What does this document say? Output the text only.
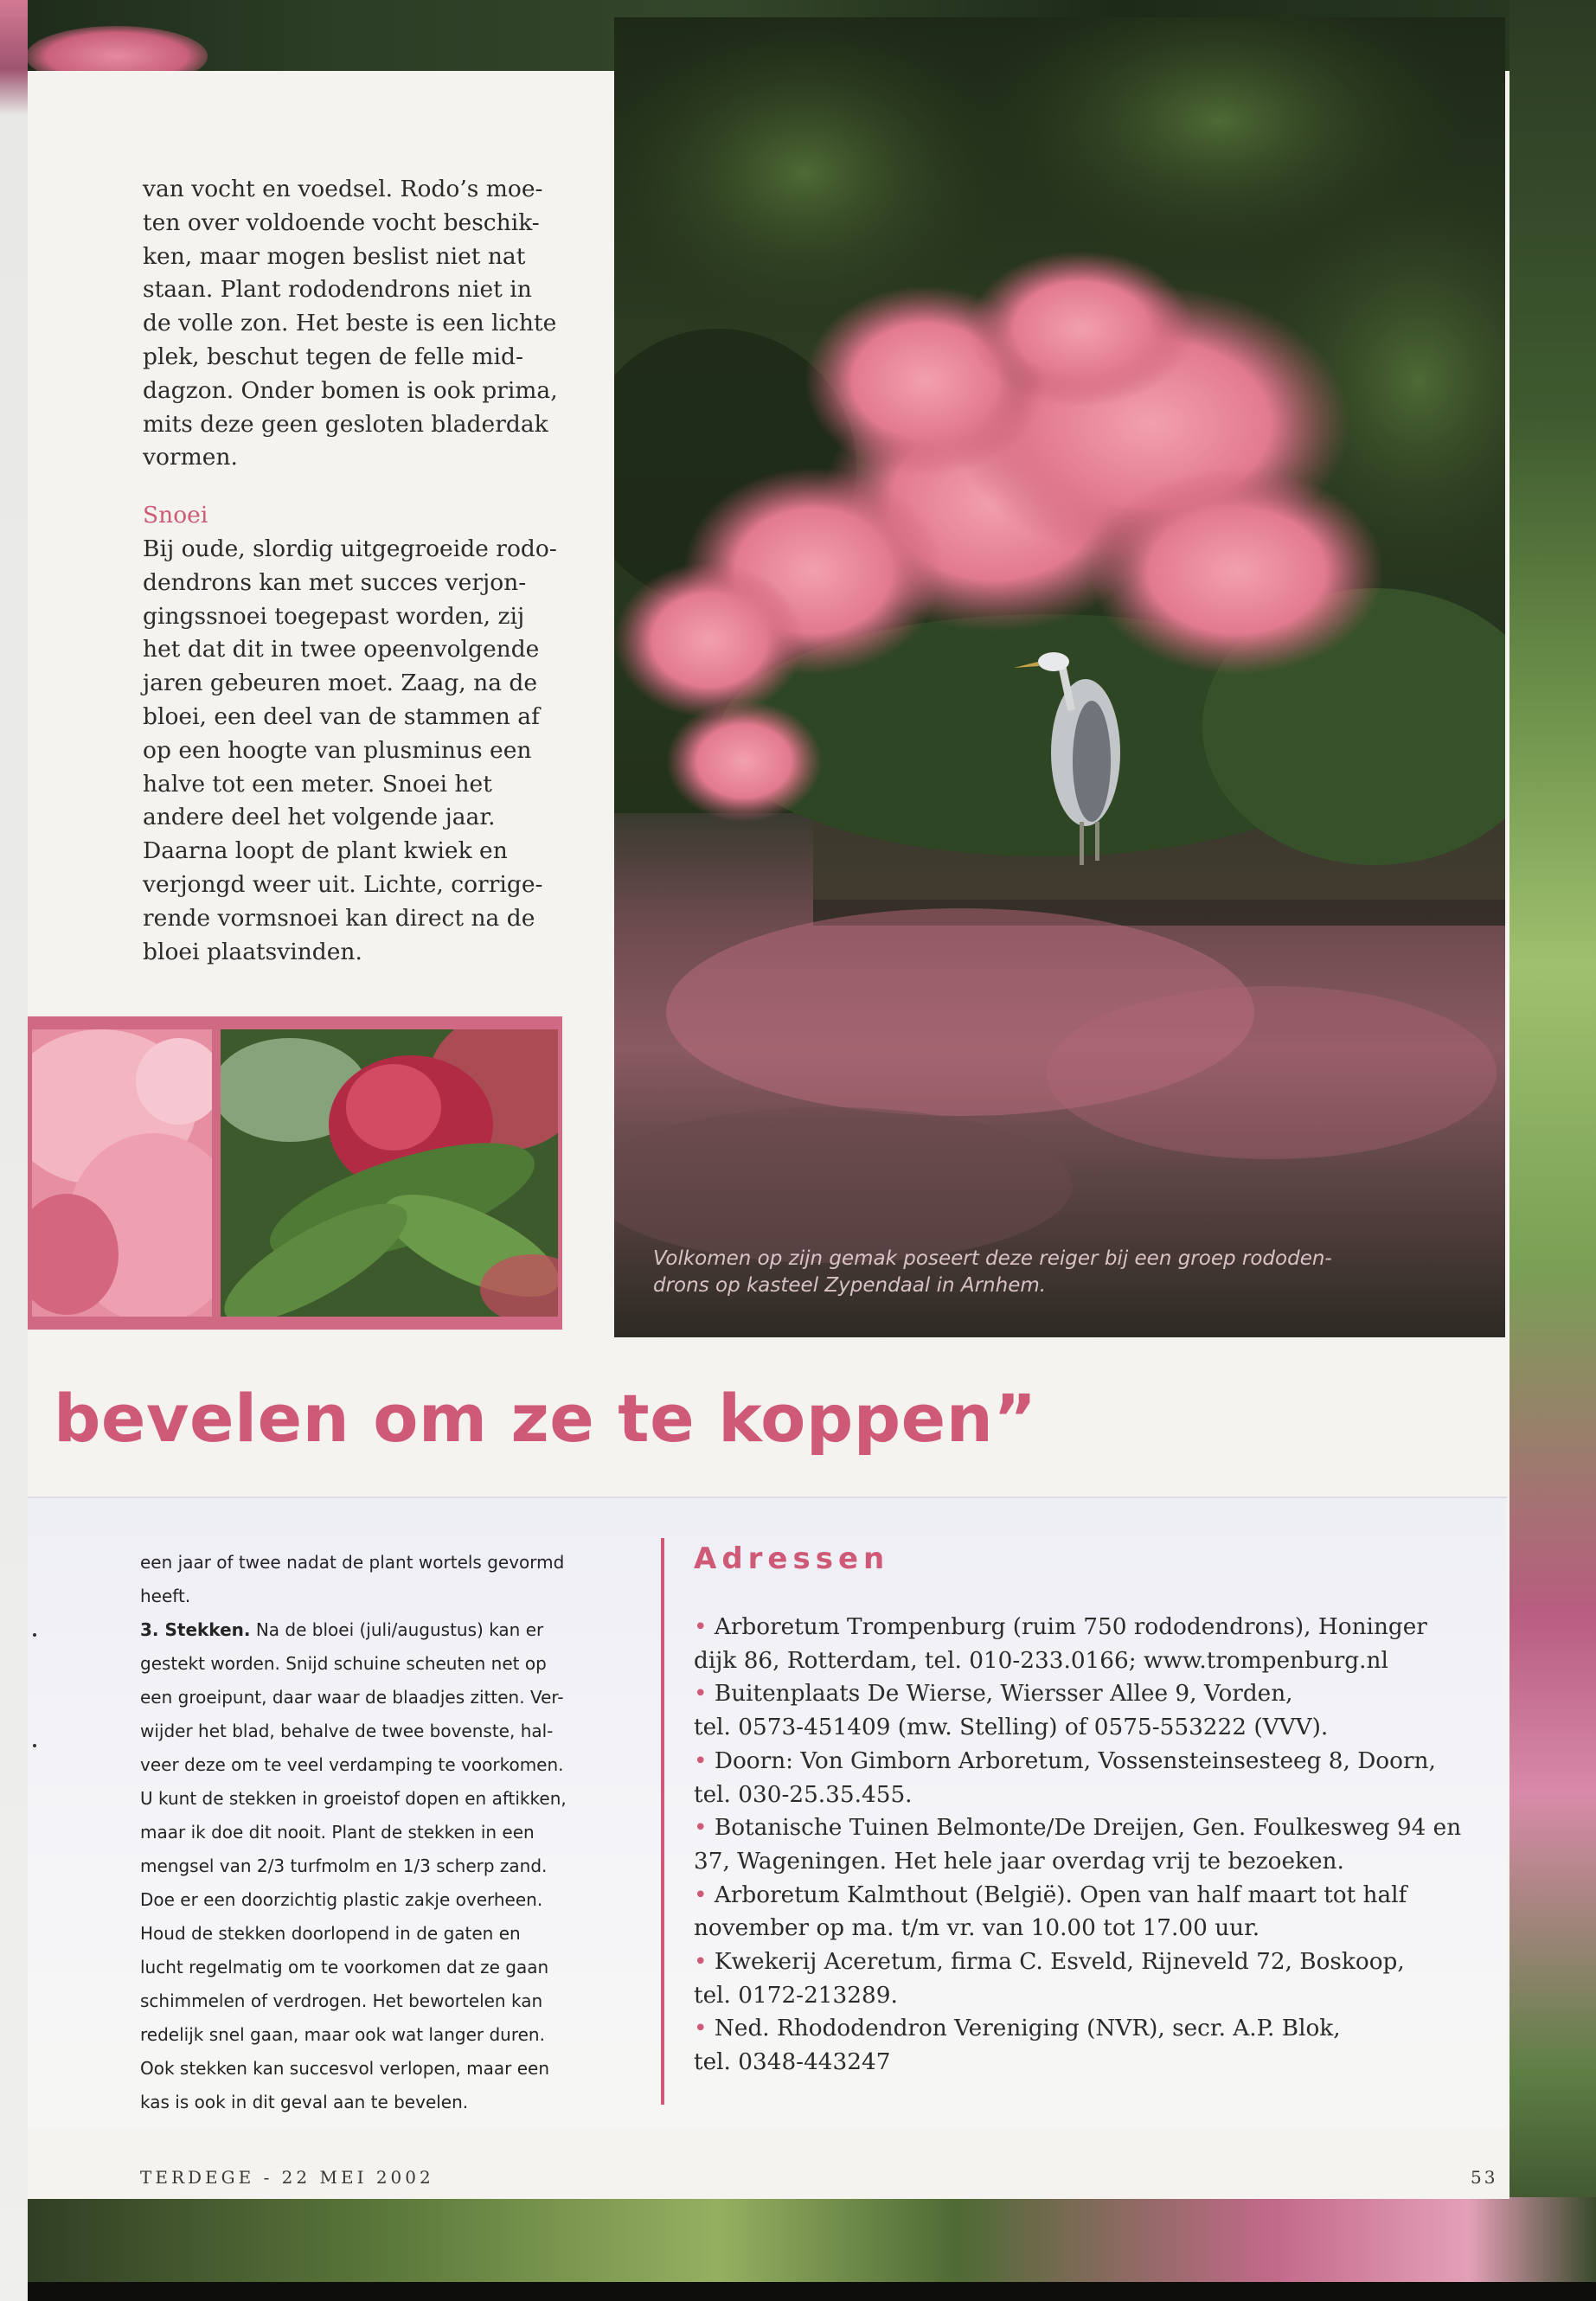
van vocht en voedsel. Rodo’s moe-

ten over voldoende vocht beschik-

ken, maar mogen beslist niet nat

staan. Plant rododendrons niet in

de volle zon. Het beste is een lichte

plek, beschut tegen de felle mid-

dagzon. Onder bomen is ook prima,

mits deze geen gesloten bladerdak

vormen.

Snoei

Bij oude, slordig uitgegroeide rodo-

dendrons kan met succes verjon-

gingssnoei toegepast worden, zij

het dat dit in twee opeenvolgende

jaren gebeuren moet. Zaag, na de

bloei, een deel van de stammen af

op een hoogte van plusminus een

halve tot een meter. Snoei het

andere deel het volgende jaar.

Daarna loopt de plant kwiek en

verjongd weer uit. Lichte, corrige-

rende vormsnoei kan direct na de

bloei plaatsvinden.

Volkomen op zijn gemak poseert deze reiger bij een groep rododen-
drons op kasteel Zypendaal in Arnhem.
bevelen om ze te koppen”

een jaar of twee nadat de plant wortels gevormd

heeft.

3. Stekken. Na de bloei (juli/augustus) kan er

gestekt worden. Snijd schuine scheuten net op

een groeipunt, daar waar de blaadjes zitten. Ver-

wijder het blad, behalve de twee bovenste, hal-

veer deze om te veel verdamping te voorkomen.

U kunt de stekken in groeistof dopen en aftikken,

maar ik doe dit nooit. Plant de stekken in een

mengsel van 2/3 turfmolm en 1/3 scherp zand.

Doe er een doorzichtig plastic zakje overheen.

Houd de stekken doorlopend in de gaten en

lucht regelmatig om te voorkomen dat ze gaan

schimmelen of verdrogen. Het bewortelen kan

redelijk snel gaan, maar ook wat langer duren.

Ook stekken kan succesvol verlopen, maar een

kas is ook in dit geval aan te bevelen.

Adressen

• Arboretum Trompenburg (ruim 750 rododendrons), Honinger

dijk 86, Rotterdam, tel. 010-233.0166; www.trompenburg.nl

• Buitenplaats De Wierse, Wiersser Allee 9, Vorden,

tel. 0573-451409 (mw. Stelling) of 0575-553222 (VVV).

• Doorn: Von Gimborn Arboretum, Vossensteinsesteeg 8, Doorn,

tel. 030-25.35.455.

• Botanische Tuinen Belmonte/De Dreijen, Gen. Foulkesweg 94 en

37, Wageningen. Het hele jaar overdag vrij te bezoeken.

• Arboretum Kalmthout (België). Open van half maart tot half

november op ma. t/m vr. van 10.00 tot 17.00 uur.

• Kwekerij Aceretum, firma C. Esveld, Rijneveld 72, Boskoop,

tel. 0172-213289.

• Ned. Rhododendron Vereniging (NVR), secr. A.P. Blok,

tel. 0348-443247

TERDEGE - 22 MEI 2002	53
